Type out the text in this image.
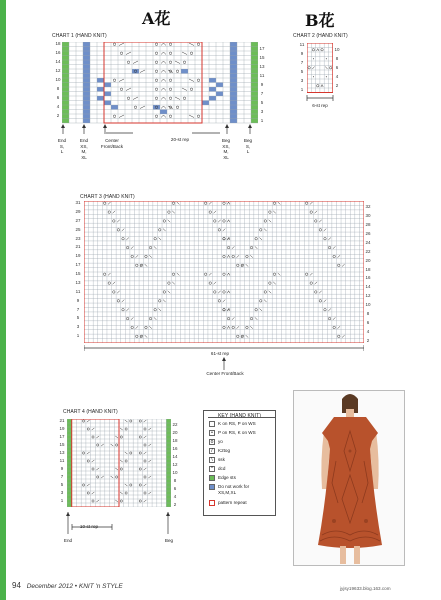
A花	B花
CHART 1 (HAND KNIT)
18
16
14
12
10
8
6
4
2
17
15
13
11
9
7
5
3
1
20-st rep
End
S,
L
End
XS,
M,
XL
Center
Front/Back
Beg
XS,
M,
XL
Beg
S,
L
CHART 2 (HAND KNIT)
11
9
7
5
3
1
10
8
6
4
2
6-st rep
CHART 3 (HAND KNIT)
31
29
27
25
23
21
19
17
15
13
11
9
7
5
3
1
32
30
28
26
24
22
20
18
16
14
12
10
8
6
4
2
61-st rep
Center Front/Back
CHART 4 (HAND KNIT)
21
19
17
15
13
11
9
7
5
3
1
22
20
18
16
14
12
10
8
6
4
2
10-st rep
End	Beg
KEY (HAND KNIT)
K on RS, P on WS
•	P on RS, K on WS
o	yo
/	K2tog
\	ssk
^	dcd
Edge sts
Do not work for
XS,M,XL
pattern repeat
94 December 2012 • KNIT 'n STYLE	jyjsy19633.blog.163.com
